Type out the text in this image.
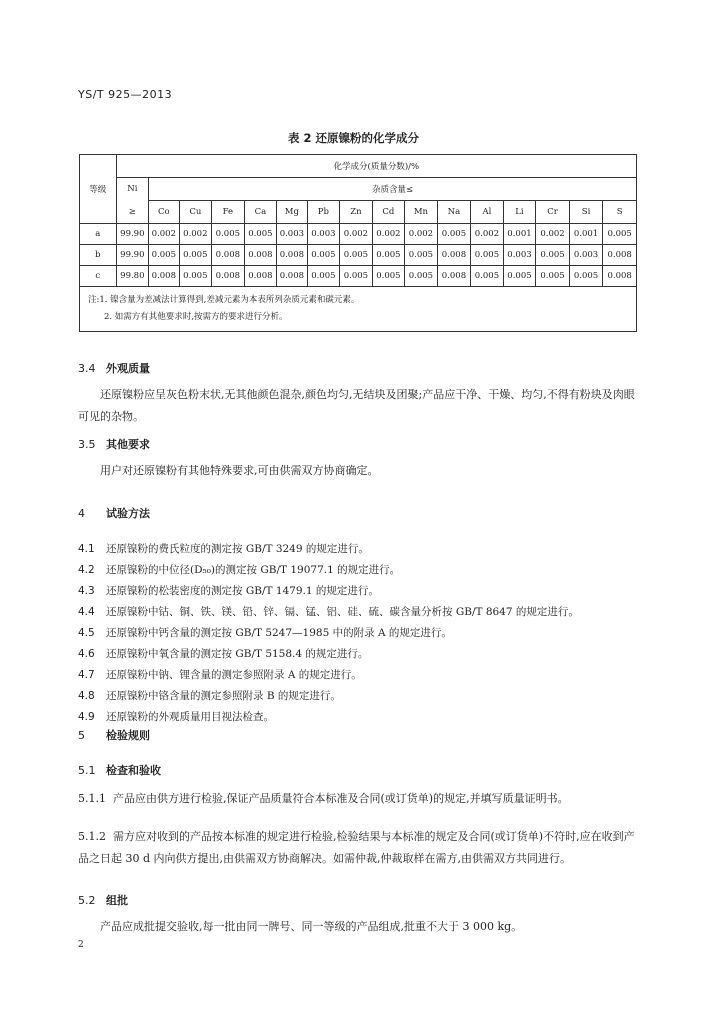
YS/T 925—2013
表 2 还原镍粉的化学成分
等级	化学成分(质量分数)/%															
	Ni	杂质含量≤														
	≥	Co	Cu	Fe	Ca	Mg	Pb	Zn	Cd	Mn	Na	Al	Li	Cr	Si	S
a	99.90	0.002	0.002	0.005	0.005	0.003	0.003	0.002	0.002	0.002	0.005	0.002	0.001	0.002	0.001	0.005
b	99.90	0.005	0.005	0.008	0.008	0.008	0.005	0.005	0.005	0.005	0.008	0.005	0.003	0.005	0.003	0.008
c	99.80	0.008	0.005	0.008	0.008	0.008	0.005	0.005	0.005	0.005	0.008	0.005	0.005	0.005	0.005	0.008

注:1. 镍含量为差减法计算得到,差减元素为本表所列杂质元素和碳元素。
2. 如需方有其他要求时,按需方的要求进行分析。																
3.4 外观质量
还原镍粉应呈灰色粉末状,无其他颜色混杂,颜色均匀,无结块及团聚;产品应干净、干燥、均匀,不得有粉块及肉眼可见的杂物。
3.5 其他要求
用户对还原镍粉有其他特殊要求,可由供需双方协商确定。
4 试验方法
4.1 还原镍粉的费氏粒度的测定按 GB/T 3249 的规定进行。
4.2 还原镍粉的中位径(D₅₀)的测定按 GB/T 19077.1 的规定进行。
4.3 还原镍粉的松装密度的测定按 GB/T 1479.1 的规定进行。
4.4 还原镍粉中钴、铜、铁、镁、铅、锌、镉、锰、铝、硅、硫、碳含量分析按 GB/T 8647 的规定进行。
4.5 还原镍粉中钙含量的测定按 GB/T 5247—1985 中的附录 A 的规定进行。
4.6 还原镍粉中氧含量的测定按 GB/T 5158.4 的规定进行。
4.7 还原镍粉中钠、锂含量的测定参照附录 A 的规定进行。
4.8 还原镍粉中铬含量的测定参照附录 B 的规定进行。
4.9 还原镍粉的外观质量用目视法检查。
5 检验规则
5.1 检查和验收
5.1.1 产品应由供方进行检验,保证产品质量符合本标准及合同(或订货单)的规定,并填写质量证明书。
5.1.2 需方应对收到的产品按本标准的规定进行检验,检验结果与本标准的规定及合同(或订货单)不符时,应在收到产品之日起 30 d 内向供方提出,由供需双方协商解决。如需仲裁,仲裁取样在需方,由供需双方共同进行。
5.2 组批
产品应成批提交验收,每一批由同一牌号、同一等级的产品组成,批重不大于 3 000 kg。
2
